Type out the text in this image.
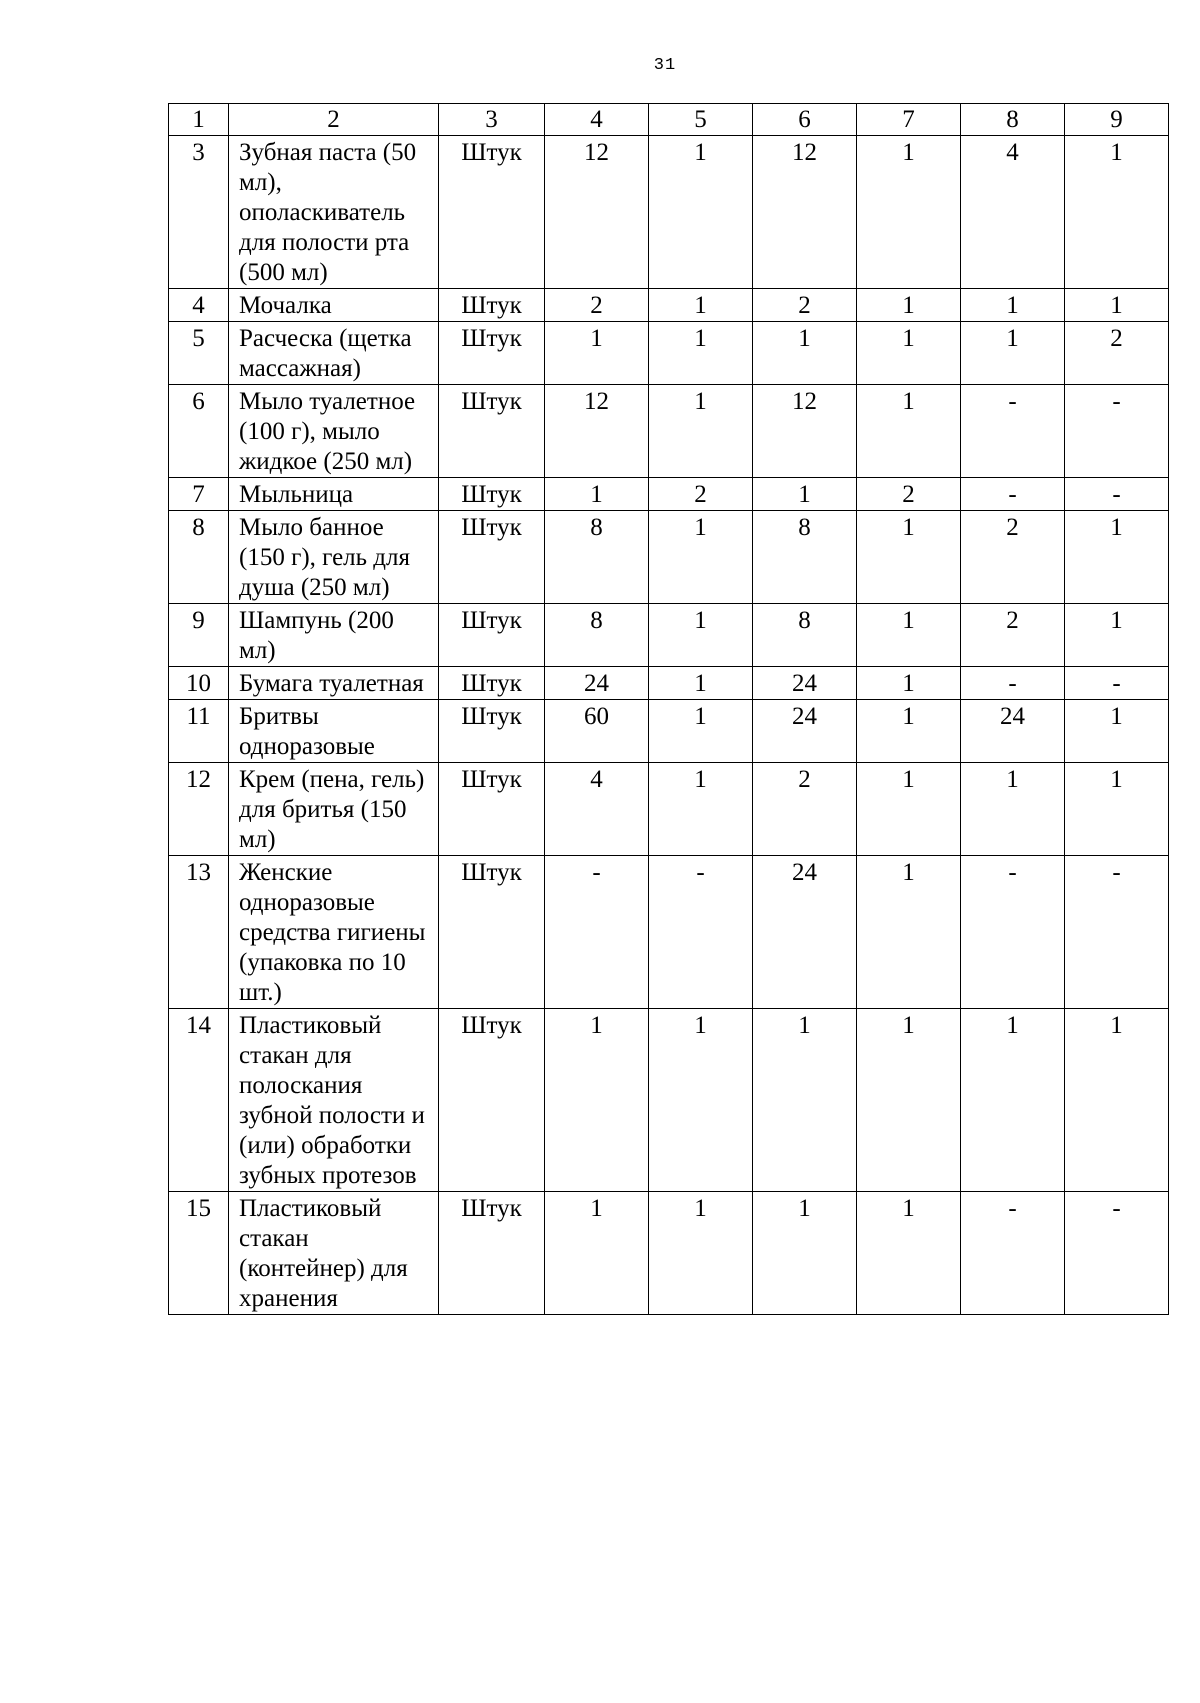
31
1	2	3	4	5	6	7	8	9
3	Зубная паста (50 мл), ополаскиватель для полости рта (500 мл)	Штук	12	1	12	1	4	1
4	Мочалка	Штук	2	1	2	1	1	1
5	Расческа (щетка массажная)	Штук	1	1	1	1	1	2
6	Мыло туалетное (100 г), мыло жидкое (250 мл)	Штук	12	1	12	1	-	-
7	Мыльница	Штук	1	2	1	2	-	-
8	Мыло банное (150 г), гель для душа (250 мл)	Штук	8	1	8	1	2	1
9	Шампунь (200 мл)	Штук	8	1	8	1	2	1
10	Бумага туалетная	Штук	24	1	24	1	-	-
11	Бритвы одноразовые	Штук	60	1	24	1	24	1
12	Крем (пена, гель) для бритья (150 мл)	Штук	4	1	2	1	1	1
13	Женские одноразовые средства гигиены (упаковка по 10 шт.)	Штук	-	-	24	1	-	-
14	Пластиковый стакан для полоскания зубной полости и (или) обработки зубных протезов	Штук	1	1	1	1	1	1
15	Пластиковый стакан (контейнер) для хранения	Штук	1	1	1	1	-	-
